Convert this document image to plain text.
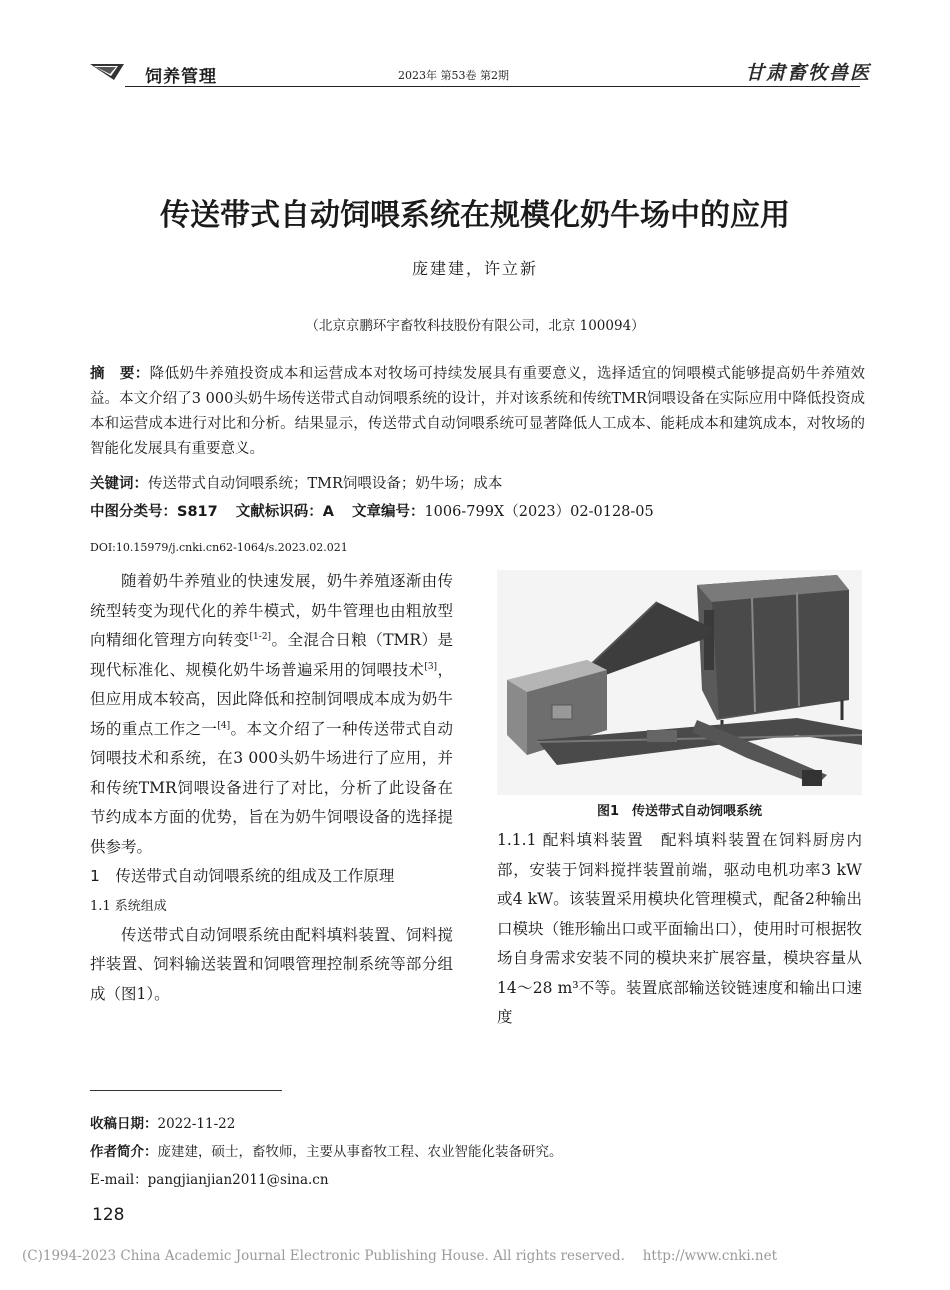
饲养管理	2023年 第53卷 第2期	甘肃畜牧兽医
传送带式自动饲喂系统在规模化奶牛场中的应用
庞建建，许立新
（北京京鹏环宇畜牧科技股份有限公司，北京 100094）
摘　要：降低奶牛养殖投资成本和运营成本对牧场可持续发展具有重要意义，选择适宜的饲喂模式能够提高奶牛养殖效益。本文介绍了3 000头奶牛场传送带式自动饲喂系统的设计，并对该系统和传统TMR饲喂设备在实际应用中降低投资成本和运营成本进行对比和分析。结果显示，传送带式自动饲喂系统可显著降低人工成本、能耗成本和建筑成本，对牧场的智能化发展具有重要意义。
关键词：传送带式自动饲喂系统；TMR饲喂设备；奶牛场；成本
中图分类号：S817 文献标识码：A 文章编号：1006-799X（2023）02-0128-05
DOI:10.15979/j.cnki.cn62-1064/s.2023.02.021

随着奶牛养殖业的快速发展，奶牛养殖逐渐由传统型转变为现代化的养牛模式，奶牛管理也由粗放型向精细化管理方向转变[1-2]。全混合日粮（TMR）是现代标准化、规模化奶牛场普遍采用的饲喂技术[3]，但应用成本较高，因此降低和控制饲喂成本成为奶牛场的重点工作之一[4]。本文介绍了一种传送带式自动饲喂技术和系统，在3 000头奶牛场进行了应用，并和传统TMR饲喂设备进行了对比，分析了此设备在节约成本方面的优势，旨在为奶牛饲喂设备的选择提供参考。

1　传送带式自动饲喂系统的组成及工作原理

1.1 系统组成

传送带式自动饲喂系统由配料填料装置、饲料搅拌装置、饲料输送装置和饲喂管理控制系统等部分组成（图1）。

图1　传送带式自动饲喂系统

1.1.1 配料填料装置　配料填料装置在饲料厨房内部，安装于饲料搅拌装置前端，驱动电机功率3 kW或4 kW。该装置采用模块化管理模式，配备2种输出口模块（锥形输出口或平面输出口），使用时可根据牧场自身需求安装不同的模块来扩展容量，模块容量从14～28 m³不等。装置底部输送铰链速度和输出口速度

收稿日期：2022-11-22
作者简介：庞建建，硕士，畜牧师，主要从事畜牧工程、农业智能化装备研究。
E-mail：pangjianjian2011@sina.cn
128
(C)1994-2023 China Academic Journal Electronic Publishing House. All rights reserved.　 http://www.cnki.net
